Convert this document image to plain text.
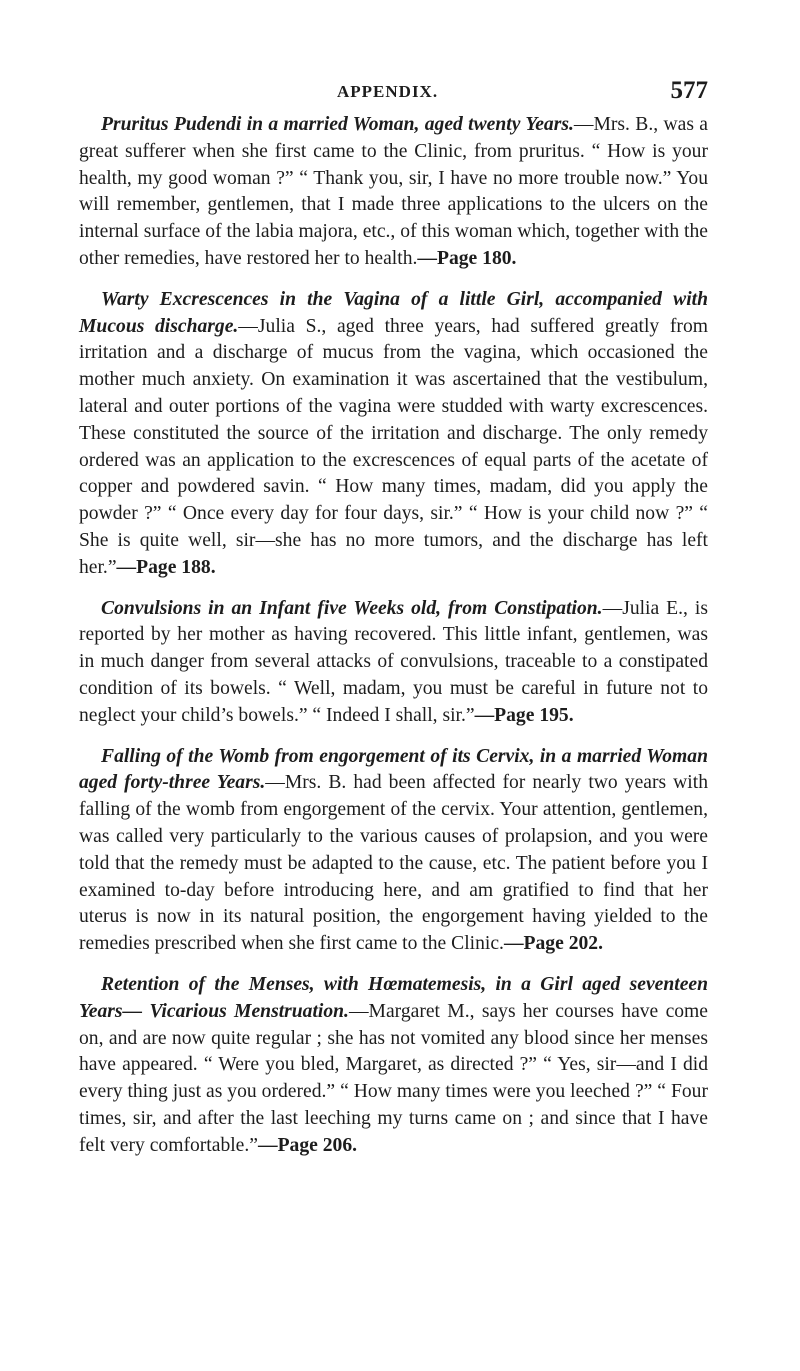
APPENDIX.	577

Pruritus Pudendi in a married Woman, aged twenty Years.—Mrs. B., was a great sufferer when she first came to the Clinic, from pruritus. “ How is your health, my good woman ?” “ Thank you, sir, I have no more trouble now.” You will remember, gentlemen, that I made three applications to the ulcers on the internal surface of the labia majora, etc., of this woman which, together with the other remedies, have restored her to health.—Page 180.

Warty Excrescences in the Vagina of a little Girl, accompanied with Mucous discharge.—Julia S., aged three years, had suffered greatly from irritation and a discharge of mucus from the vagina, which occasioned the mother much anxiety. On examination it was ascertained that the vestibulum, lateral and outer portions of the vagina were studded with warty excrescences. These constituted the source of the irritation and discharge. The only remedy ordered was an application to the excrescences of equal parts of the acetate of copper and powdered savin. “ How many times, madam, did you apply the powder ?” “ Once every day for four days, sir.” “ How is your child now ?” “ She is quite well, sir—she has no more tumors, and the discharge has left her.”—Page 188.

Convulsions in an Infant five Weeks old, from Constipation.—Julia E., is reported by her mother as having recovered. This little infant, gentlemen, was in much danger from several attacks of convulsions, traceable to a constipated condition of its bowels. “ Well, madam, you must be careful in future not to neglect your child’s bowels.” “ Indeed I shall, sir.”—Page 195.

Falling of the Womb from engorgement of its Cervix, in a married Woman aged forty-three Years.—Mrs. B. had been affected for nearly two years with falling of the womb from engorgement of the cervix. Your attention, gentlemen, was called very particularly to the various causes of prolapsion, and you were told that the remedy must be adapted to the cause, etc. The patient before you I examined to-day before introducing here, and am gratified to find that her uterus is now in its natural position, the engorgement having yielded to the remedies prescribed when she first came to the Clinic.—Page 202.

Retention of the Menses, with Hœmatemesis, in a Girl aged seventeen Years— Vicarious Menstruation.—Margaret M., says her courses have come on, and are now quite regular ; she has not vomited any blood since her menses have appeared. “ Were you bled, Margaret, as directed ?” “ Yes, sir—and I did every thing just as you ordered.” “ How many times were you leeched ?” “ Four times, sir, and after the last leeching my turns came on ; and since that I have felt very comfortable.”—Page 206.
